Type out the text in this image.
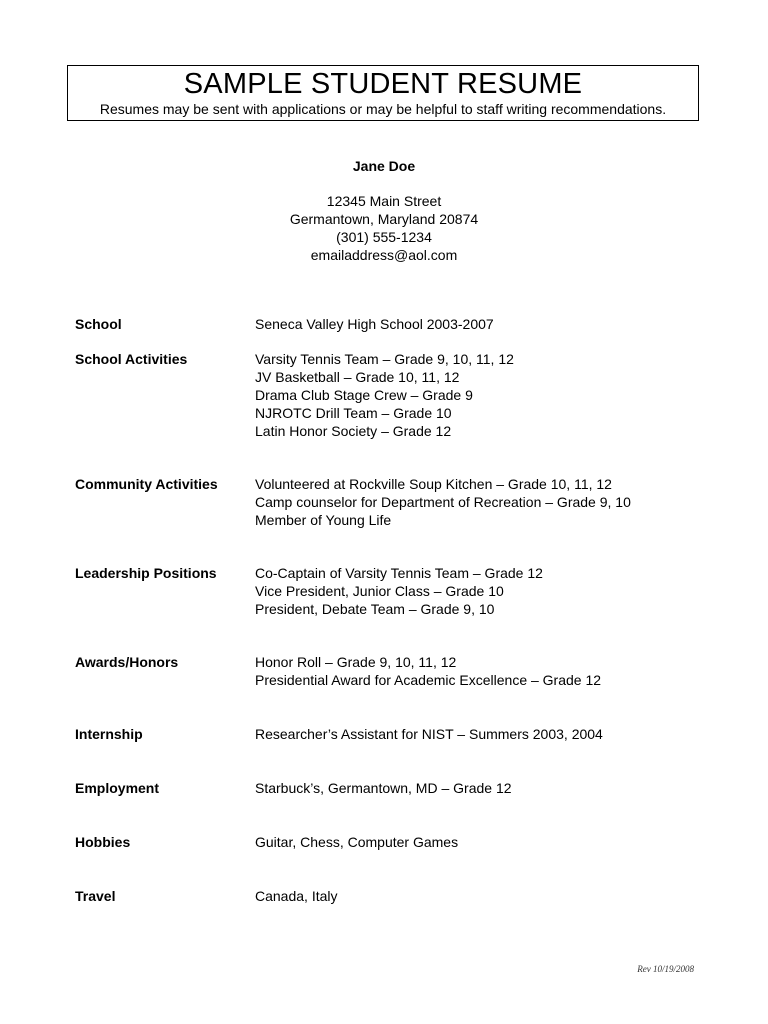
SAMPLE STUDENT RESUME
Resumes may be sent with applications or may be helpful to staff writing recommendations.
Jane Doe
12345 Main Street
Germantown, Maryland 20874
(301) 555-1234
emailaddress@aol.com
School	Seneca Valley High School 2003-2007
School Activities	Varsity Tennis Team – Grade 9, 10, 11, 12
JV Basketball – Grade 10, 11, 12
Drama Club Stage Crew – Grade 9
NJROTC Drill Team – Grade 10
Latin Honor Society – Grade 12
Community Activities	Volunteered at Rockville Soup Kitchen – Grade 10, 11, 12
Camp counselor for Department of Recreation – Grade 9, 10
Member of Young Life
Leadership Positions	Co-Captain of Varsity Tennis Team – Grade 12
Vice President, Junior Class – Grade 10
President, Debate Team – Grade 9, 10
Awards/Honors	Honor Roll – Grade 9, 10, 11, 12
Presidential Award for Academic Excellence – Grade 12
Internship	Researcher’s Assistant for NIST – Summers 2003, 2004
Employment	Starbuck’s, Germantown, MD – Grade 12
Hobbies	Guitar, Chess, Computer Games
Travel	Canada, Italy
Rev 10/19/2008
